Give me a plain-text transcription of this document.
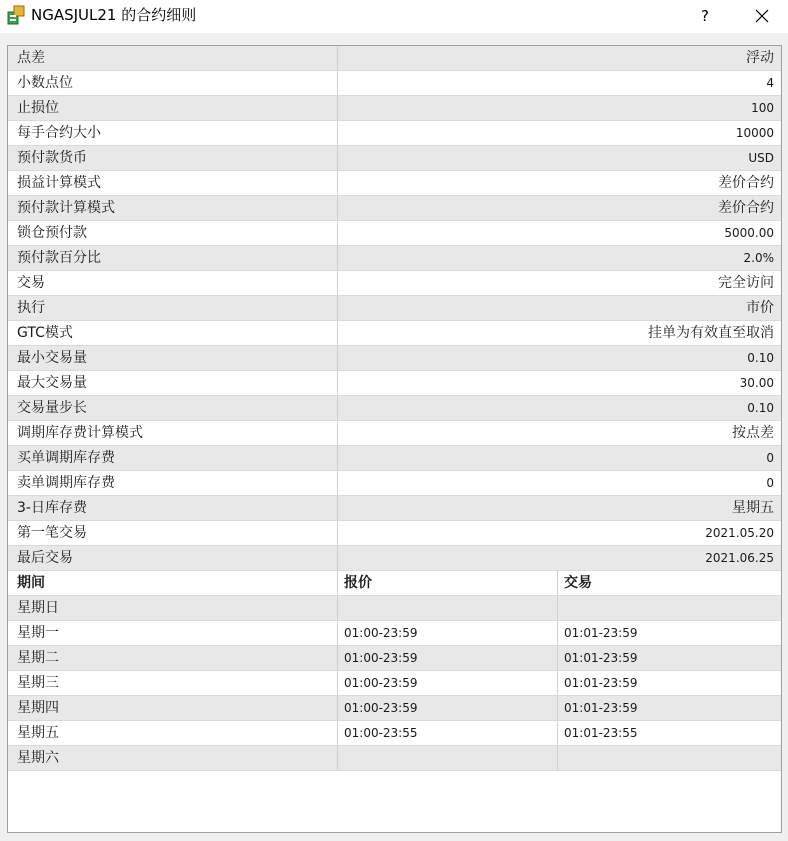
NGASJUL21 的合约细则	?
点差	浮动
小数点位	4
止损位	100
每手合约大小	10000
预付款货币	USD
损益计算模式	差价合约
预付款计算模式	差价合约
锁仓预付款	5000.00
预付款百分比	2.0%
交易	完全访问
执行	市价
GTC模式	挂单为有效直至取消
最小交易量	0.10
最大交易量	30.00
交易量步长	0.10
调期库存费计算模式	按点差
买单调期库存费	0
卖单调期库存费	0
3-日库存费	星期五
第一笔交易	2021.05.20
最后交易	2021.06.25
期间	报价	交易
星期日
星期一	01:00-23:59	01:01-23:59
星期二	01:00-23:59	01:01-23:59
星期三	01:00-23:59	01:01-23:59
星期四	01:00-23:59	01:01-23:59
星期五	01:00-23:55	01:01-23:55
星期六
